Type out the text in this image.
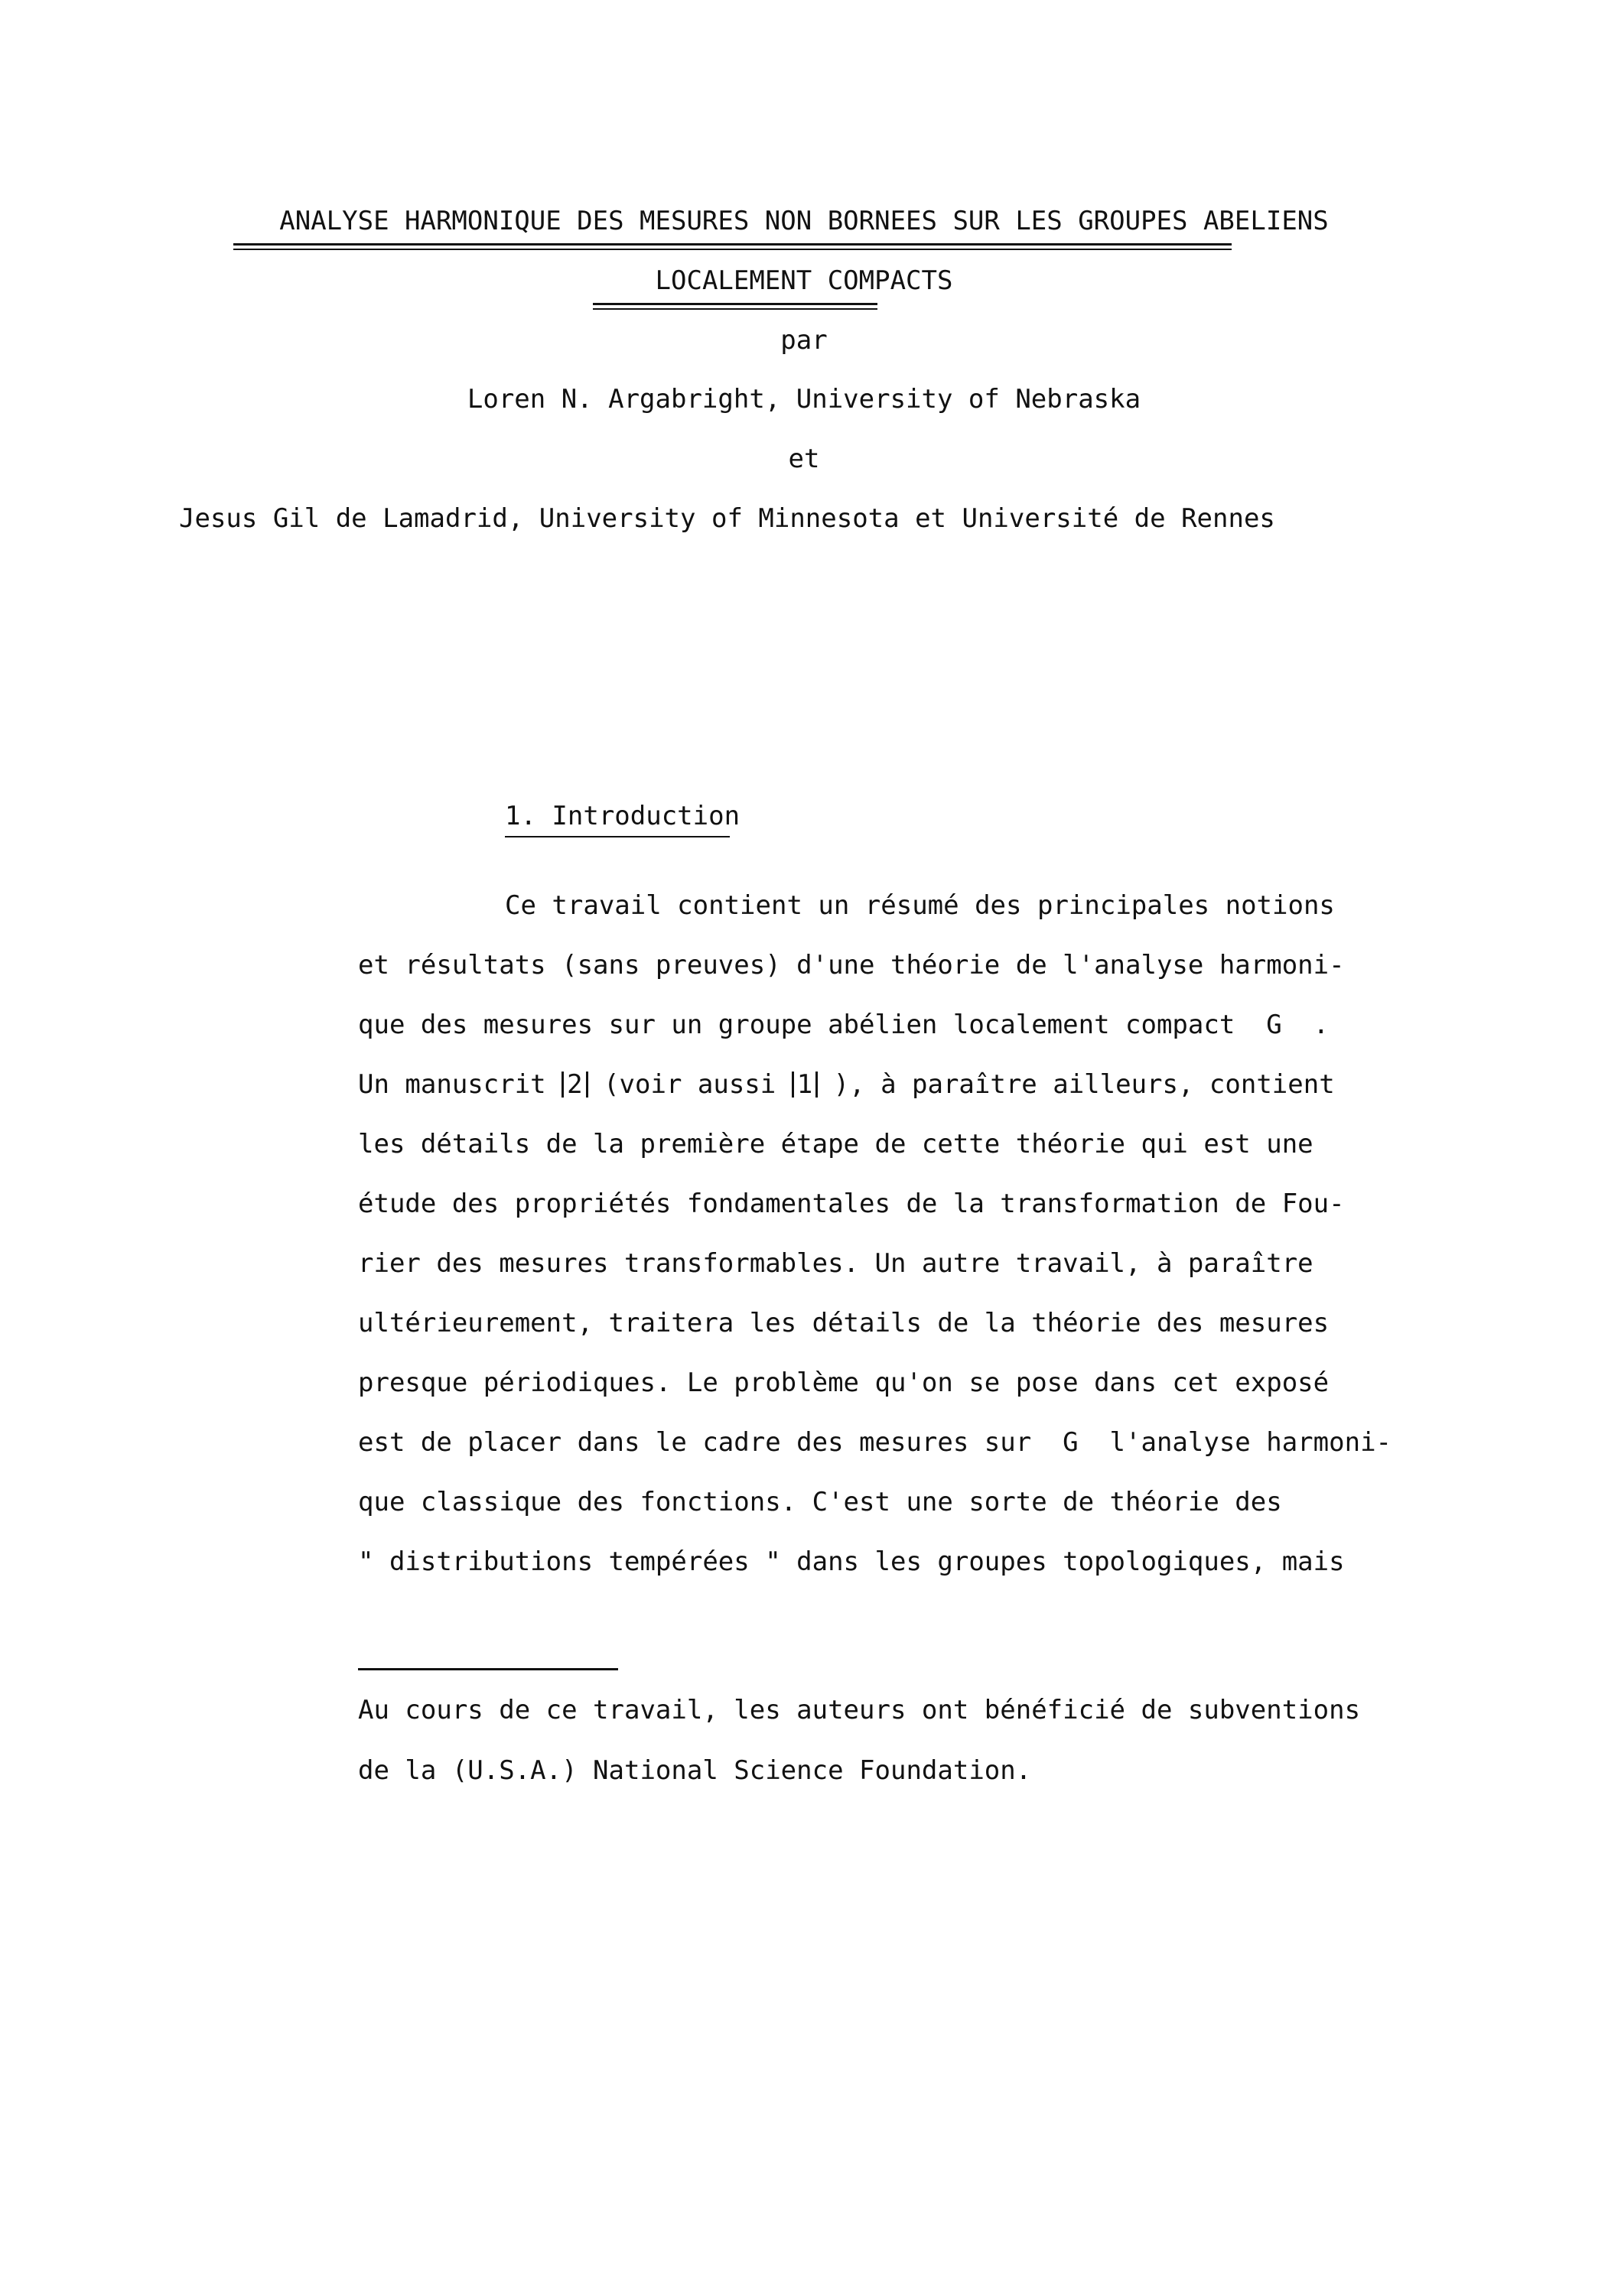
ANALYSE HARMONIQUE DES MESURES NON BORNEES SUR LES GROUPES ABELIENS
LOCALEMENT COMPACTS
par
Loren N. Argabright, University of Nebraska
et
Jesus Gil de Lamadrid, University of Minnesota et Université de Rennes
1. Introduction
Ce travail contient un résumé des principales notions
et résultats (sans preuves) d'une théorie de l'analyse harmoni-
que des mesures sur un groupe abélien localement compact  G  .
Un manuscrit 2 (voir aussi 1 ), à paraître ailleurs, contient
les détails de la première étape de cette théorie qui est une
étude des propriétés fondamentales de la transformation de Fou-
rier des mesures transformables. Un autre travail, à paraître
ultérieurement, traitera les détails de la théorie des mesures
presque périodiques. Le problème qu'on se pose dans cet exposé
est de placer dans le cadre des mesures sur  G  l'analyse harmoni-
que classique des fonctions. C'est une sorte de théorie des
" distributions tempérées " dans les groupes topologiques, mais
Au cours de ce travail, les auteurs ont bénéficié de subventions
de la (U.S.A.) National Science Foundation.
